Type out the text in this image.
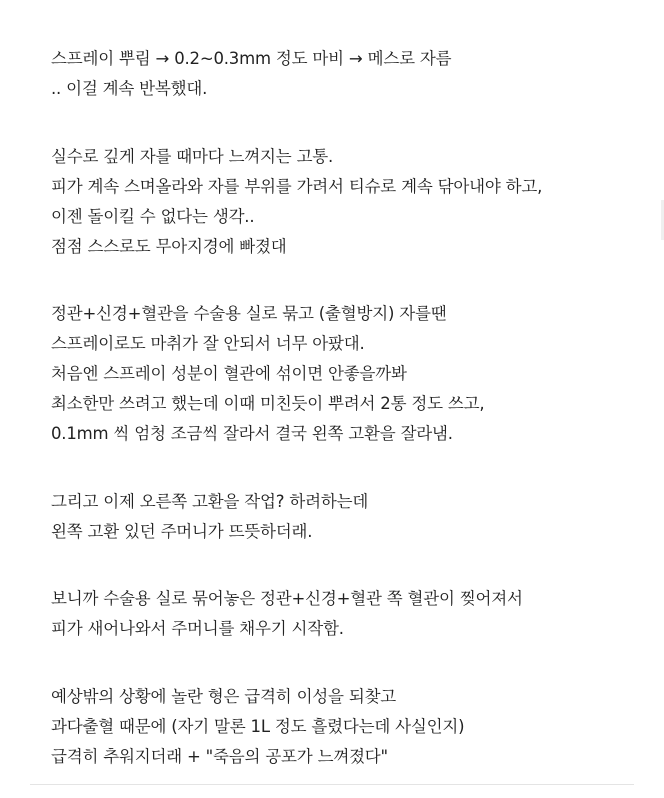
스프레이 뿌림 → 0.2~0.3mm 정도 마비 → 메스로 자름
.. 이걸 계속 반복했대.
실수로 깊게 자를 때마다 느껴지는 고통.
피가 계속 스며올라와 자를 부위를 가려서 티슈로 계속 닦아내야 하고,
이젠 돌이킬 수 없다는 생각..
점점 스스로도 무아지경에 빠졌대
정관+신경+혈관을 수술용 실로 묶고 (출혈방지) 자를땐
스프레이로도 마취가 잘 안되서 너무 아팠대.
처음엔 스프레이 성분이 혈관에 섞이면 안좋을까봐
최소한만 쓰려고 했는데 이때 미친듯이 뿌려서 2통 정도 쓰고,
0.1mm 씩 엄청 조금씩 잘라서 결국 왼쪽 고환을 잘라냄.
그리고 이제 오른쪽 고환을 작업? 하려하는데
왼쪽 고환 있던 주머니가 뜨뜻하더래.
보니까 수술용 실로 묶어놓은 정관+신경+혈관 쪽 혈관이 찢어져서
피가 새어나와서 주머니를 채우기 시작함.
예상밖의 상황에 놀란 형은 급격히 이성을 되찾고
과다출혈 때문에 (자기 말론 1L 정도 흘렸다는데 사실인지)
급격히 추워지더래 + "죽음의 공포가 느껴졌다"
